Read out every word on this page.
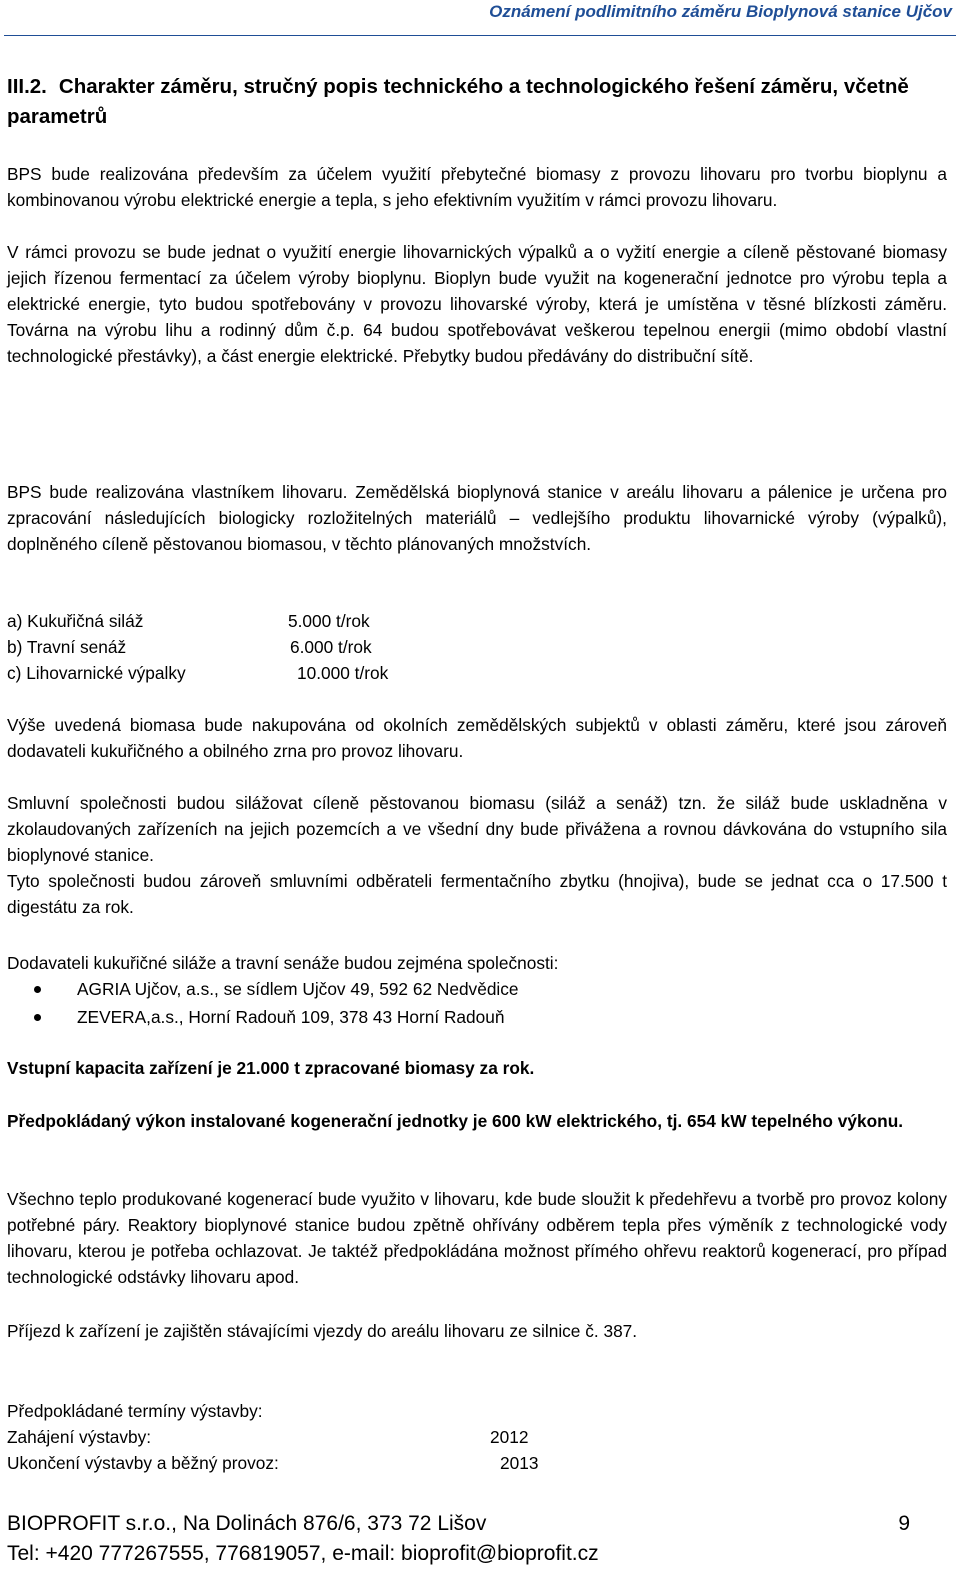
Oznámení podlimitního záměru Bioplynová stanice Ujčov
III.2. Charakter záměru, stručný popis technického a technologického řešení záměru, včetně parametrů
BPS bude realizována především za účelem využití přebytečné biomasy z provozu lihovaru pro tvorbu bioplynu a kombinovanou výrobu elektrické energie a tepla, s jeho efektivním využitím v rámci provozu lihovaru.
V rámci provozu se bude jednat o využití energie lihovarnických výpalků a o vyžití energie a cíleně pěstované biomasy jejich řízenou fermentací za účelem výroby bioplynu. Bioplyn bude využit na kogenerační jednotce pro výrobu tepla a elektrické energie, tyto budou spotřebovány v provozu lihovarské výroby, která je umístěna v těsné blízkosti záměru. Továrna na výrobu lihu a rodinný dům č.p. 64 budou spotřebovávat veškerou tepelnou energii (mimo období vlastní technologické přestávky), a část energie elektrické. Přebytky budou předávány do distribuční sítě.
BPS bude realizována vlastníkem lihovaru. Zemědělská bioplynová stanice v areálu lihovaru a pálenice je určena pro zpracování následujících biologicky rozložitelných materiálů – vedlejšího produktu lihovarnické výroby (výpalků), doplněného cíleně pěstovanou biomasou, v těchto plánovaných množstvích.
a) Kukuřičná siláž	5.000 t/rok
b) Travní senáž	6.000 t/rok
c) Lihovarnické výpalky	10.000 t/rok
Výše uvedená biomasa bude nakupována od okolních zemědělských subjektů v oblasti záměru, které jsou zároveň dodavateli kukuřičného a obilného zrna pro provoz lihovaru.
Smluvní společnosti budou silážovat cíleně pěstovanou biomasu (siláž a senáž) tzn. že siláž bude uskladněna v zkolaudovaných zařízeních na jejich pozemcích a ve všední dny bude přivážena a rovnou dávkována do vstupního sila bioplynové stanice.
Tyto společnosti budou zároveň smluvními odběrateli fermentačního zbytku (hnojiva), bude se jednat cca o 17.500 t digestátu za rok.
Dodavateli kukuřičné siláže a travní senáže budou zejména společnosti:
AGRIA Ujčov, a.s., se sídlem Ujčov 49, 592 62 Nedvědice
ZEVERA,a.s., Horní Radouň 109, 378 43 Horní Radouň
Vstupní kapacita zařízení je 21.000 t zpracované biomasy za rok.
Předpokládaný výkon instalované kogenerační jednotky je 600 kW elektrického, tj. 654 kW tepelného výkonu.
Všechno teplo produkované kogenerací bude využito v lihovaru, kde bude sloužit k předehřevu a tvorbě pro provoz kolony potřebné páry. Reaktory bioplynové stanice budou zpětně ohřívány odběrem tepla přes výměník z technologické vody lihovaru, kterou je potřeba ochlazovat. Je taktéž předpokládána možnost přímého ohřevu reaktorů kogenerací, pro případ technologické odstávky lihovaru apod.
Příjezd k zařízení je zajištěn stávajícími vjezdy do areálu lihovaru ze silnice č. 387.
Předpokládané termíny výstavby:
Zahájení výstavby:	2012
Ukončení výstavby a běžný provoz:	2013
BIOPROFIT s.r.o., Na Dolinách 876/6, 373 72 Lišov	9
Tel: +420 777267555, 776819057, e-mail: bioprofit@bioprofit.cz
